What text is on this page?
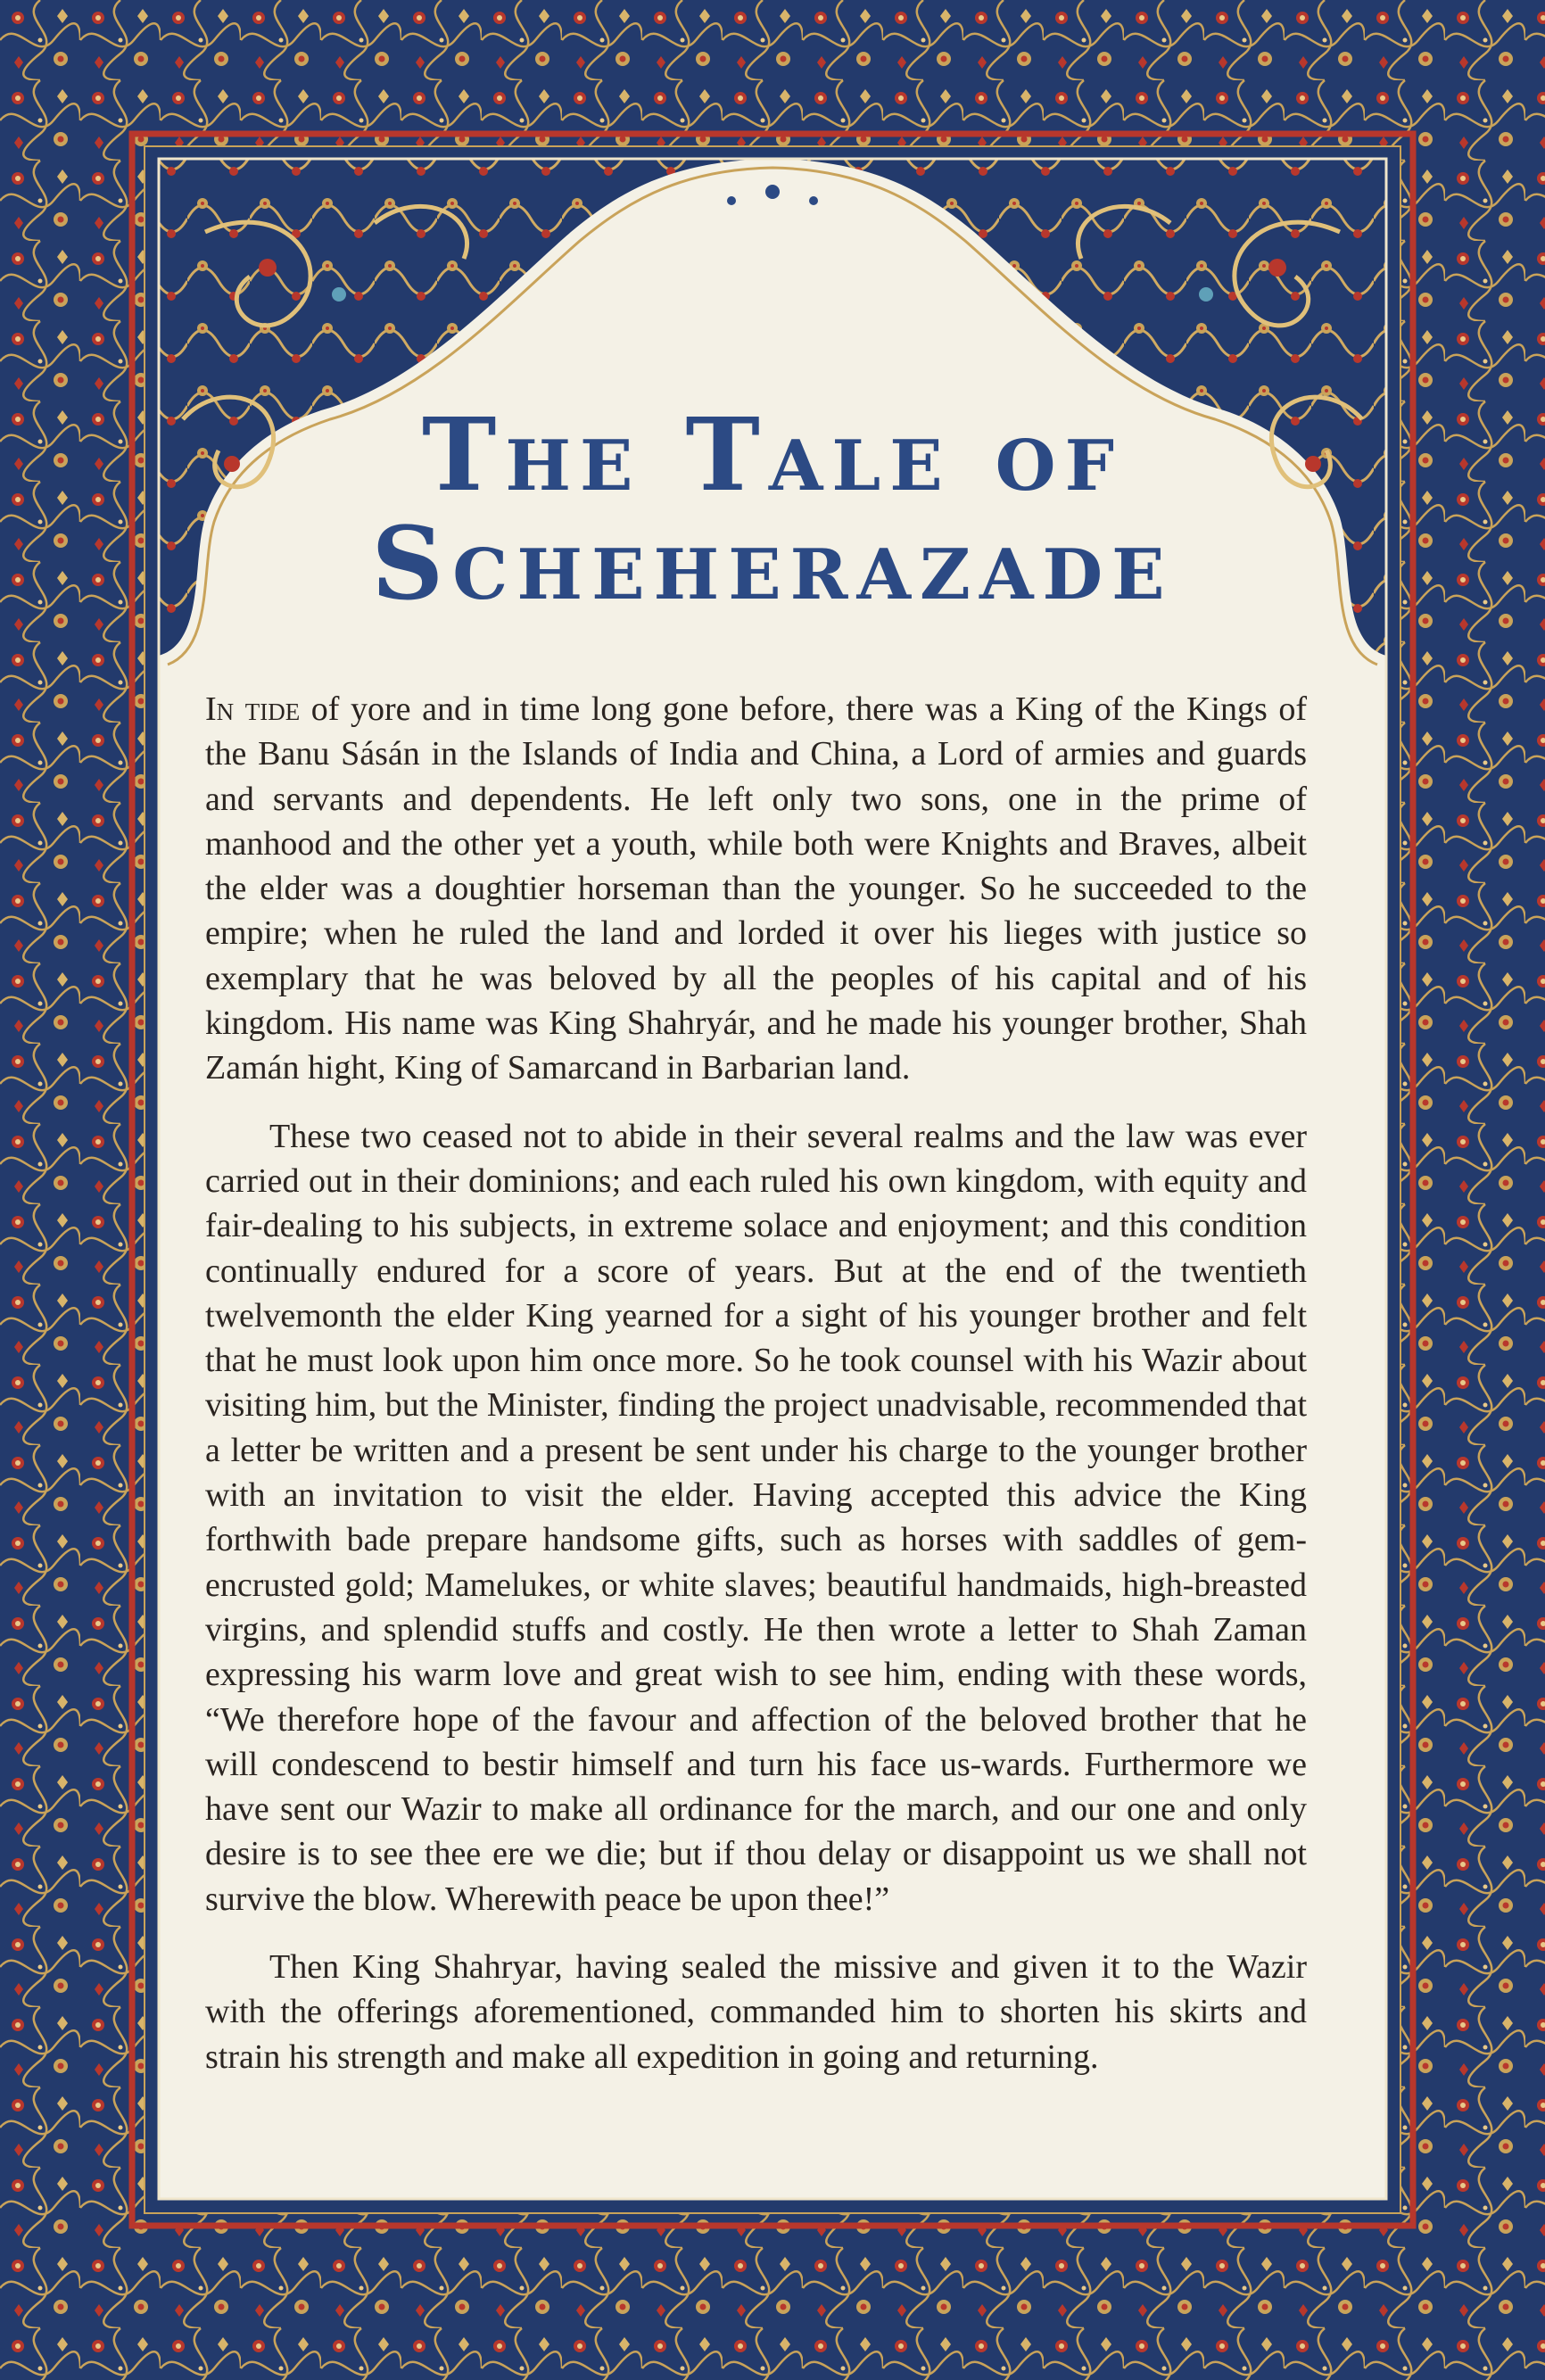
The Tale of
Scheherazade

In tide of yore and in time long gone before, there was a King of the Kings of the Banu Sásán in the Islands of India and China, a Lord of armies and guards and servants and dependents. He left only two sons, one in the prime of manhood and the other yet a youth, while both were Knights and Braves, albeit the elder was a doughtier horseman than the younger. So he succeeded to the empire; when he ruled the land and lorded it over his lieges with justice so exemplary that he was beloved by all the peoples of his capital and of his kingdom. His name was King Shahryár, and he made his younger brother, Shah Zamán hight, King of Samarcand in Barbarian land.

These two ceased not to abide in their several realms and the law was ever carried out in their dominions; and each ruled his own kingdom, with equity and fair-dealing to his subjects, in extreme solace and enjoyment; and this condition continually endured for a score of years. But at the end of the twentieth twelvemonth the elder King yearned for a sight of his younger brother and felt that he must look upon him once more. So he took counsel with his Wazir about visiting him, but the Minister, finding the project unadvisable, recommended that a letter be written and a present be sent under his charge to the younger brother with an invitation to visit the elder. Having accepted this advice the King forthwith bade prepare handsome gifts, such as horses with saddles of gem-encrusted gold; Mamelukes, or white slaves; beautiful handmaids, high-breasted virgins, and splendid stuffs and costly. He then wrote a letter to Shah Zaman expressing his warm love and great wish to see him, ending with these words, “We therefore hope of the favour and affection of the beloved brother that he will condescend to bestir himself and turn his face us-wards. Furthermore we have sent our Wazir to make all ordinance for the march, and our one and only desire is to see thee ere we die; but if thou delay or disappoint us we shall not survive the blow. Wherewith peace be upon thee!”

Then King Shahryar, having sealed the missive and given it to the Wazir with the offerings aforementioned, commanded him to shorten his skirts and strain his strength and make all expedition in going and returning.
